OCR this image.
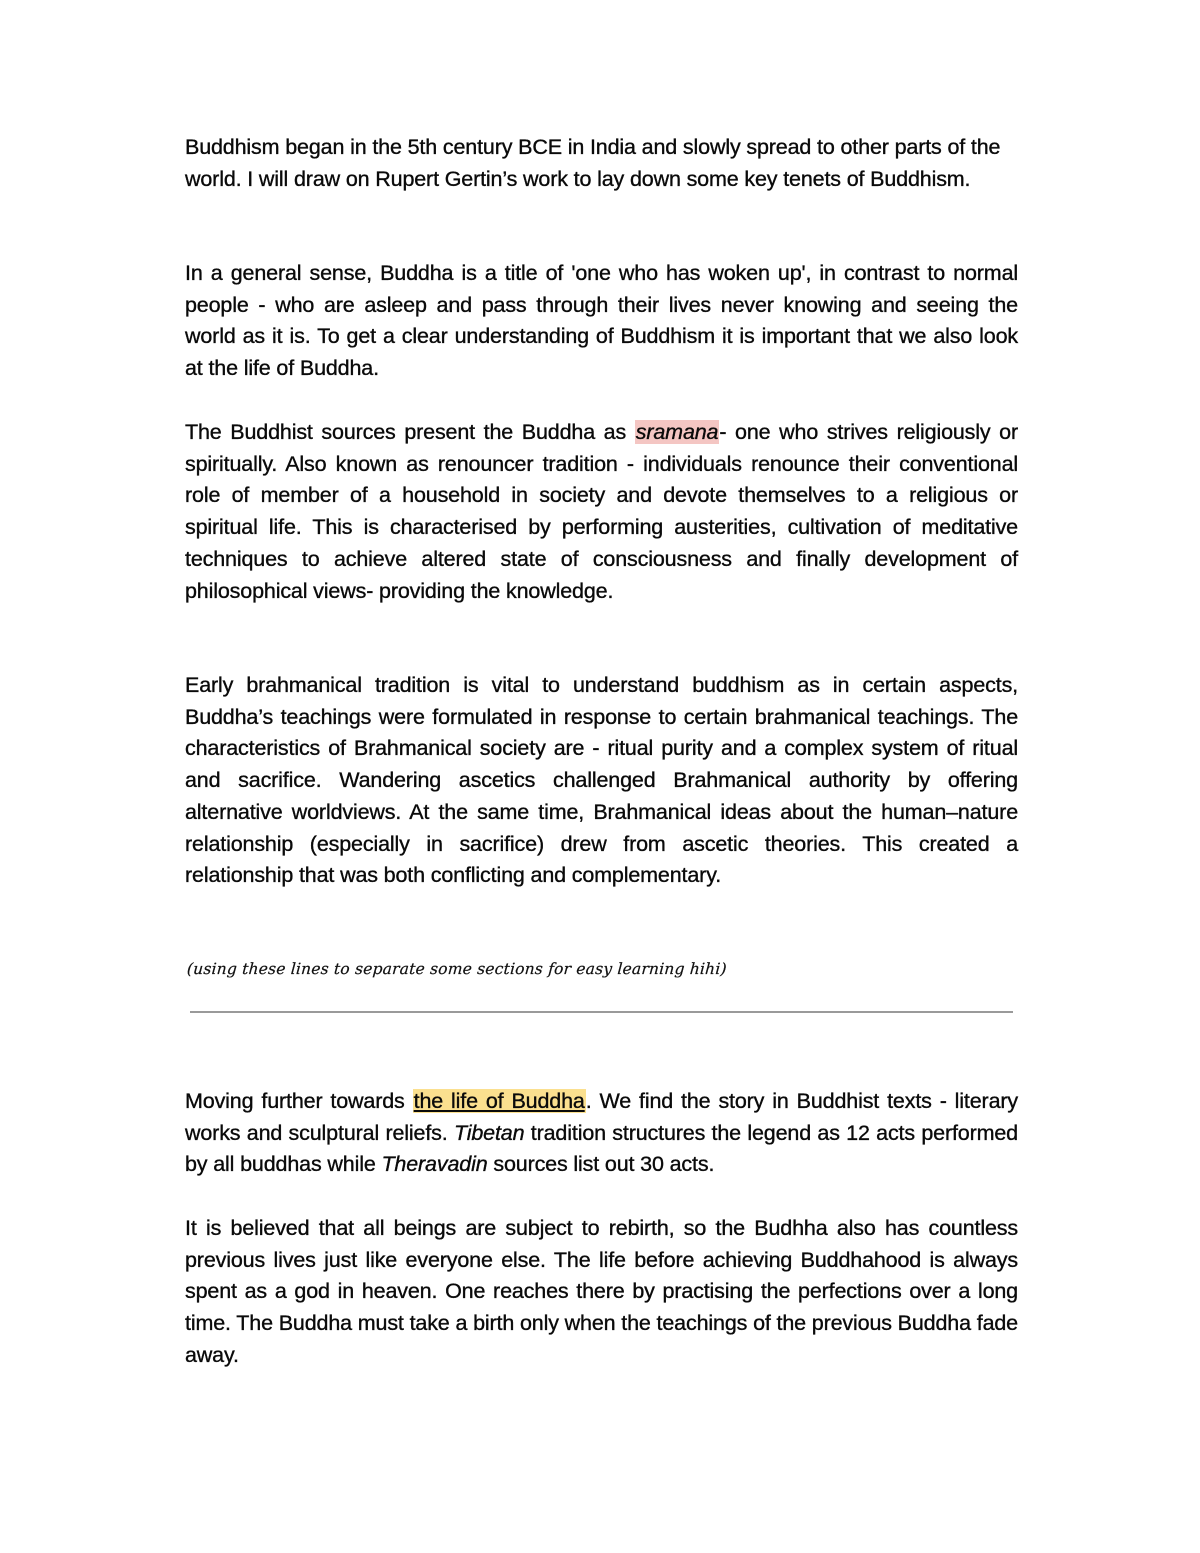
Buddhism began in the 5th century BCE in India and slowly spread to other parts of the world. I will draw on Rupert Gertin’s work to lay down some key tenets of Buddhism.

In a general sense, Buddha is a title of 'one who has woken up', in contrast to normal people - who are asleep and pass through their lives never knowing and seeing the world as it is. To get a clear understanding of Buddhism it is important that we also look at the life of Buddha.

The Buddhist sources present the Buddha as sramana- one who strives religiously or spiritually. Also known as renouncer tradition - individuals renounce their conventional role of member of a household in society and devote themselves to a religious or spiritual life. This is characterised by performing austerities, cultivation of meditative techniques to achieve altered state of consciousness and finally development of philosophical views- providing the knowledge.

Early brahmanical tradition is vital to understand buddhism as in certain aspects, Buddha’s teachings were formulated in response to certain brahmanical teachings. The characteristics of Brahmanical society are - ritual purity and a complex system of ritual and sacrifice. Wandering ascetics challenged Brahmanical authority by offering alternative worldviews. At the same time, Brahmanical ideas about the human–nature relationship (especially in sacrifice) drew from ascetic theories. This created a relationship that was both conflicting and complementary.

(using these lines to separate some sections for easy learning hihi)

Moving further towards the life of Buddha. We find the story in Buddhist texts - literary works and sculptural reliefs. Tibetan tradition structures the legend as 12 acts performed by all buddhas while Theravadin sources list out 30 acts.

It is believed that all beings are subject to rebirth, so the Budhha also has countless previous lives just like everyone else. The life before achieving Buddhahood is always spent as a god in heaven. One reaches there by practising the perfections over a long time. The Buddha must take a birth only when the teachings of the previous Buddha fade away.
